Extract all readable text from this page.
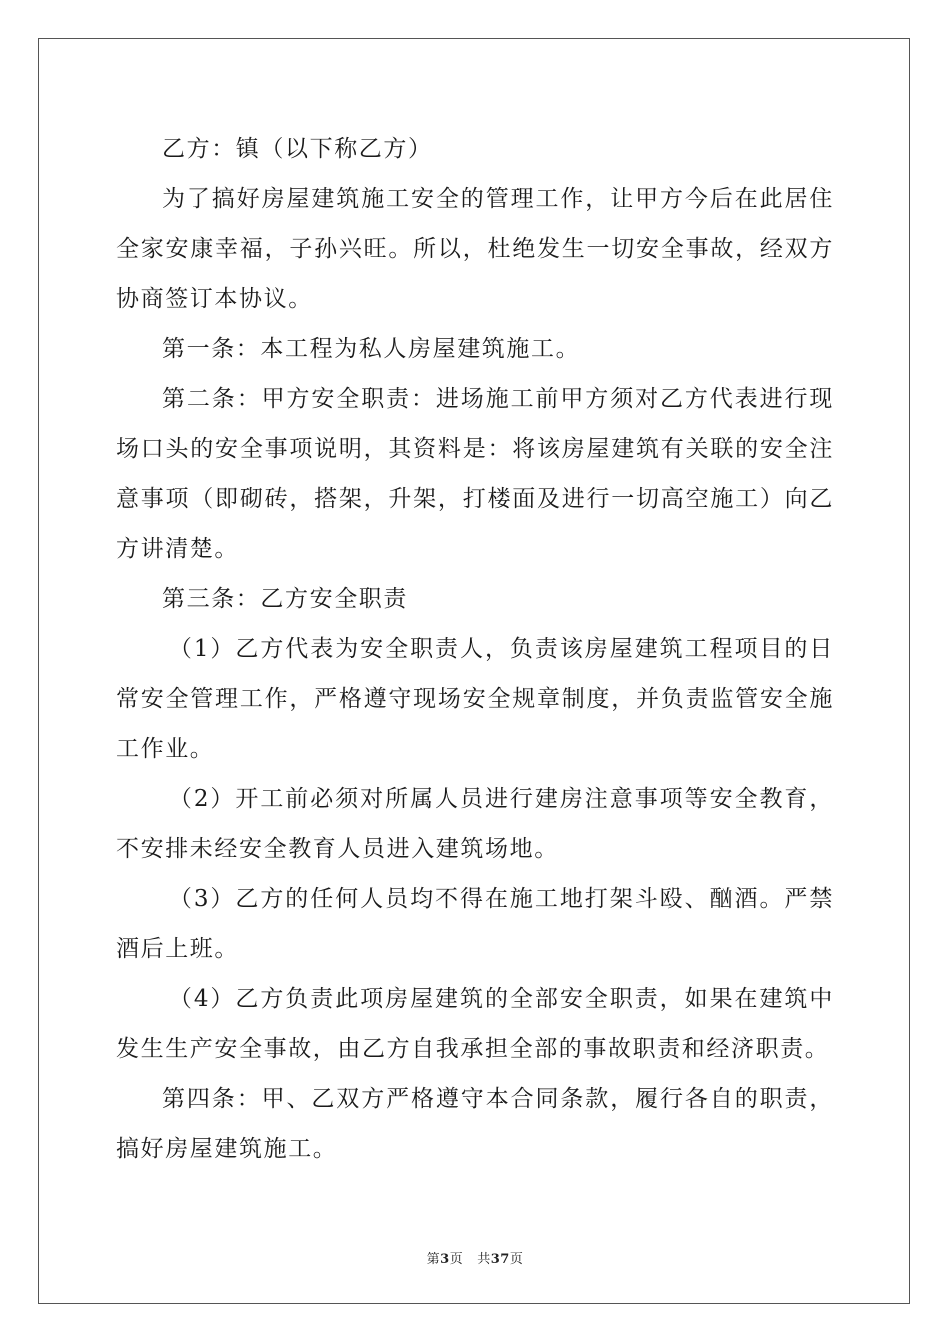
乙方：镇（以下称乙方）

为了搞好房屋建筑施工安全的管理工作，让甲方今后在此居住全家安康幸福，子孙兴旺。所以，杜绝发生一切安全事故，经双方协商签订本协议。

第一条：本工程为私人房屋建筑施工。

第二条：甲方安全职责：进场施工前甲方须对乙方代表进行现场口头的安全事项说明，其资料是：将该房屋建筑有关联的安全注意事项（即砌砖，搭架，升架，打楼面及进行一切高空施工）向乙方讲清楚。

第三条：乙方安全职责

（1）乙方代表为安全职责人，负责该房屋建筑工程项目的日常安全管理工作，严格遵守现场安全规章制度，并负责监管安全施工作业。

（2）开工前必须对所属人员进行建房注意事项等安全教育，不安排未经安全教育人员进入建筑场地。

（3）乙方的任何人员均不得在施工地打架斗殴、酗酒。严禁酒后上班。

（4）乙方负责此项房屋建筑的全部安全职责，如果在建筑中发生生产安全事故，由乙方自我承担全部的事故职责和经济职责。

第四条：甲、乙双方严格遵守本合同条款，履行各自的职责，搞好房屋建筑施工。

第3页 共37页
